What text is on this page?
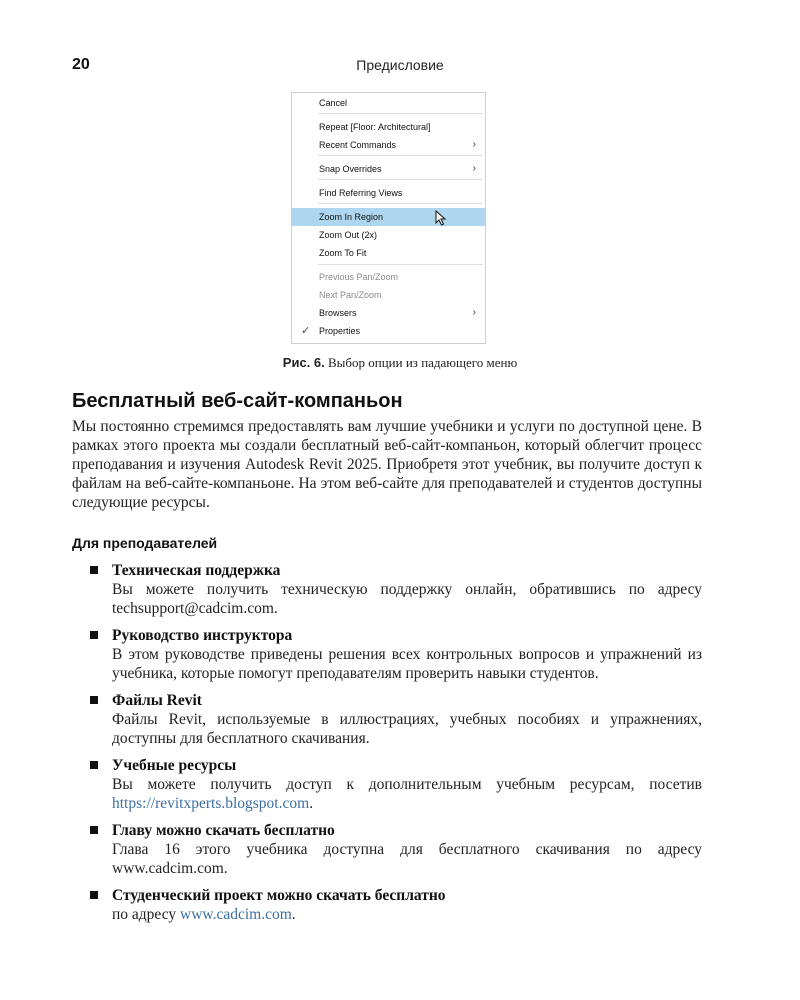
20	Предисловие
Cancel
Repeat [Floor: Architectural]
Recent Commands	›
Snap Overrides	›
Find Referring Views
Zoom In Region
Zoom Out (2x)
Zoom To Fit
Previous Pan/Zoom
Next Pan/Zoom
Browsers	›
✓ Properties
Рис. 6. Выбор опции из падающего меню
Бесплатный веб-сайт-компаньон

Мы постоянно стремимся предоставлять вам лучшие учебники и услуги по доступной цене. В рамках этого проекта мы создали бесплатный веб-сайт-компаньон, который облегчит процесс преподавания и изучения Autodesk Revit 2025. Приобретя этот учебник, вы получите доступ к файлам на веб-сайте-компаньоне. На этом веб-сайте для преподавателей и студентов доступны следующие ресурсы.

Для преподавателей
Техническая поддержка
Вы можете получить техническую поддержку онлайн, обратившись по адресу techsupport@cadcim.com.
Руководство инструктора
В этом руководстве приведены решения всех контрольных вопросов и упражнений из учебника, которые помогут преподавателям проверить навыки студентов.
Файлы Revit
Файлы Revit, используемые в иллюстрациях, учебных пособиях и упражнениях, доступны для бесплатного скачивания.
Учебные ресурсы
Вы можете получить доступ к дополнительным учебным ресурсам, посетив https://revitxperts.blogspot.com.
Главу можно скачать бесплатно
Глава 16 этого учебника доступна для бесплатного скачивания по адресу www.cadcim.com.
Студенческий проект можно скачать бесплатно
по адресу www.cadcim.com.
